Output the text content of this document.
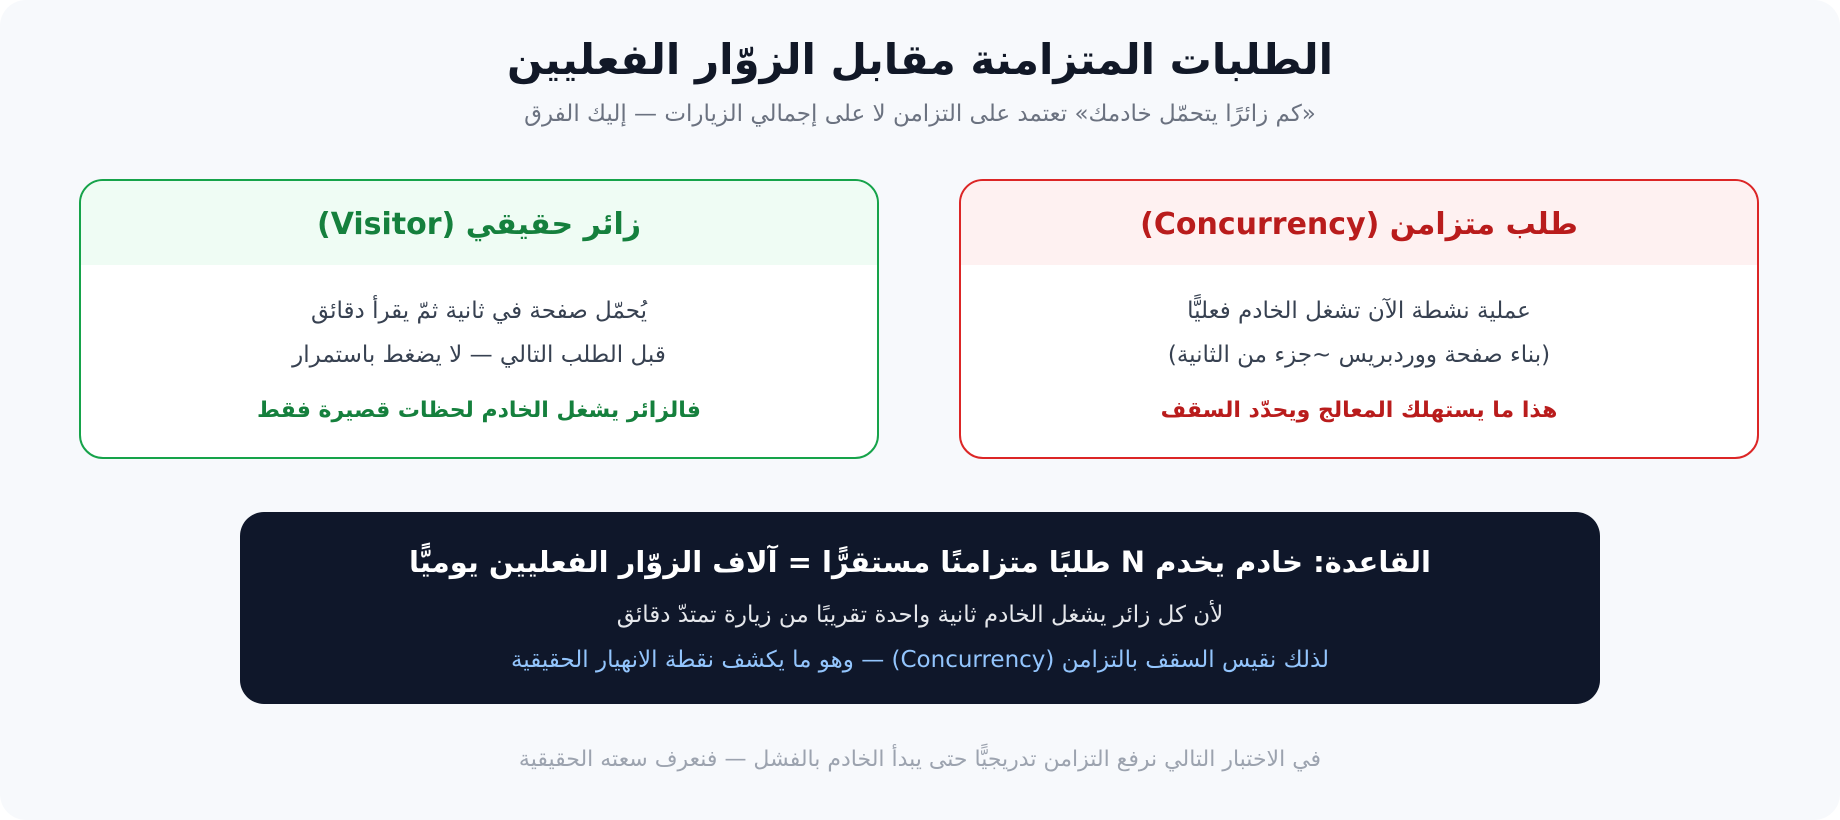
الطلبات المتزامنة مقابل الزوّار الفعليين
«كم زائرًا يتحمّل خادمك» تعتمد على التزامن لا على إجمالي الزيارات — إليك الفرق
طلب متزامن (Concurrency)
عملية نشطة الآن تشغل الخادم فعليًّا
(بناء صفحة ووردبريس ~جزء من الثانية)
هذا ما يستهلك المعالج ويحدّد السقف
زائر حقيقي (Visitor)
يُحمّل صفحة في ثانية ثمّ يقرأ دقائق
قبل الطلب التالي — لا يضغط باستمرار
فالزائر يشغل الخادم لحظات قصيرة فقط
القاعدة: خادم يخدم N طلبًا متزامنًا مستقرًّا = آلاف الزوّار الفعليين يوميًّا
لأن كل زائر يشغل الخادم ثانية واحدة تقريبًا من زيارة تمتدّ دقائق
لذلك نقيس السقف بالتزامن (Concurrency) — وهو ما يكشف نقطة الانهيار الحقيقية
في الاختبار التالي نرفع التزامن تدريجيًّا حتى يبدأ الخادم بالفشل — فنعرف سعته الحقيقية
